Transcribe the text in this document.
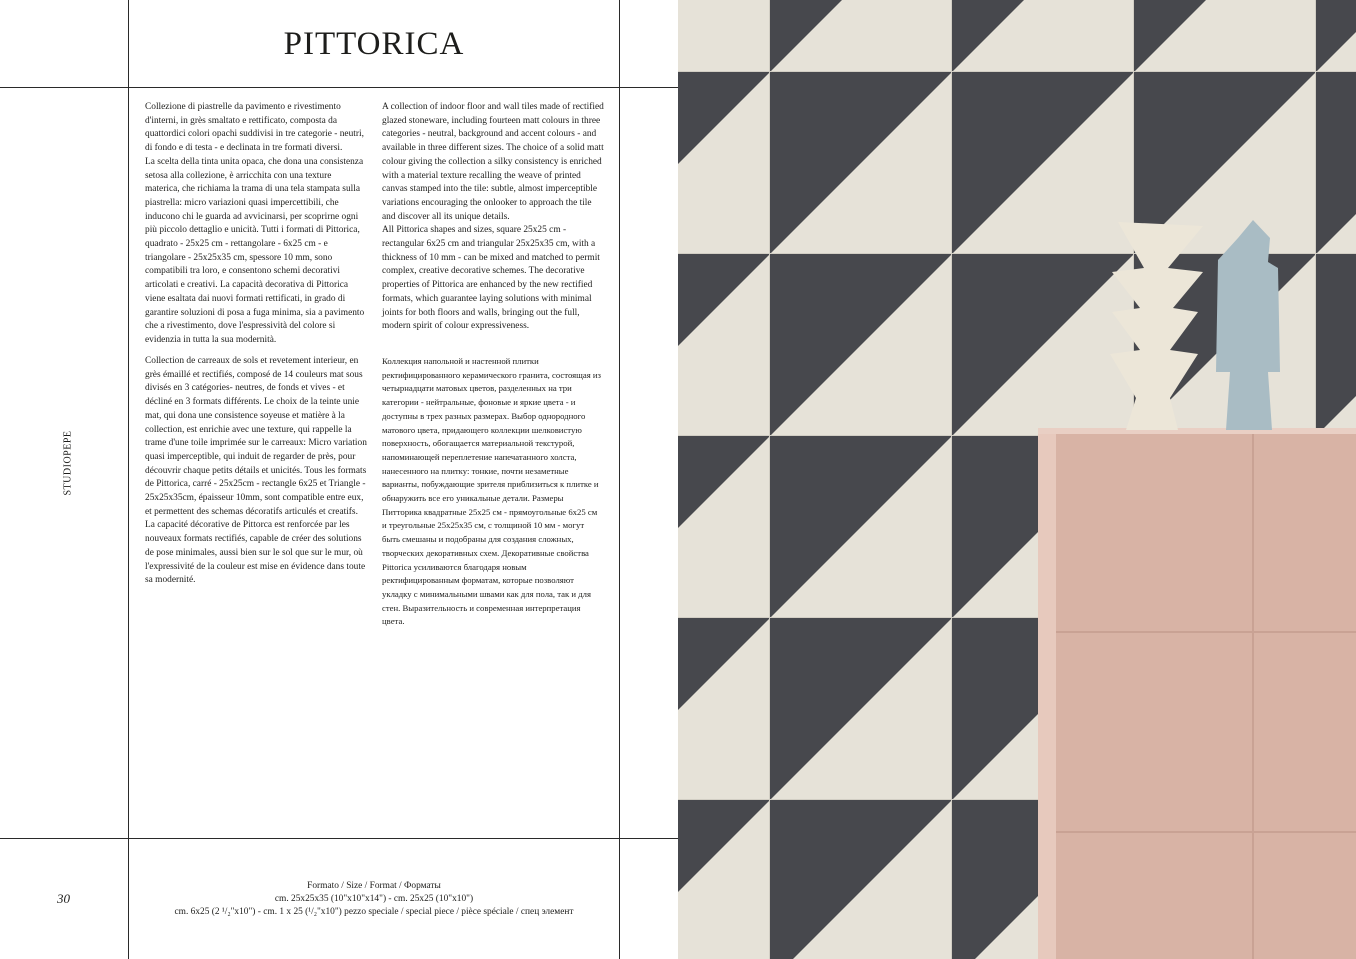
PITTORICA
STUDIOPEPE
30

Collezione di piastrelle da pavimento e rivestimento d'interni, in grès smaltato e rettificato, composta da quattordici colori opachi suddivisi in tre categorie - neutri, di fondo e di testa - e declinata in tre formati diversi.

La scelta della tinta unita opaca, che dona una consistenza setosa alla collezione, è arricchita con una texture materica, che richiama la trama di una tela stampata sulla piastrella: micro variazioni quasi impercettibili, che inducono chi le guarda ad avvicinarsi, per scoprirne ogni più piccolo dettaglio e unicità. Tutti i formati di Pittorica, quadrato - 25x25 cm - rettangolare - 6x25 cm - e triangolare - 25x25x35 cm, spessore 10 mm, sono compatibili tra loro, e consentono schemi decorativi articolati e creativi. La capacità decorativa di Pittorica viene esaltata dai nuovi formati rettificati, in grado di garantire soluzioni di posa a fuga minima, sia a pavimento che a rivestimento, dove l'espressività del colore si evidenzia in tutta la sua modernità.

A collection of indoor floor and wall tiles made of rectified glazed stoneware, including fourteen matt colours in three categories - neutral, background and accent colours - and available in three different sizes. The choice of a solid matt colour giving the collection a silky consistency is enriched with a material texture recalling the weave of printed canvas stamped into the tile: subtle, almost imperceptible variations encouraging the onlooker to approach the tile and discover all its unique details.

All Pittorica shapes and sizes, square 25x25 cm - rectangular 6x25 cm and triangular 25x25x35 cm, with a thickness of 10 mm - can be mixed and matched to permit complex, creative decorative schemes. The decorative properties of Pittorica are enhanced by the new rectified formats, which guarantee laying solutions with minimal joints for both floors and walls, bringing out the full, modern spirit of colour expressiveness.

Collection de carreaux de sols et revetement interieur, en grès émaillé et rectifiés, composé de 14 couleurs mat sous divisés en 3 catégories- neutres, de fonds et vives - et décliné en 3 formats différents. Le choix de la teinte unie mat, qui dona une consistence soyeuse et matière à la collection, est enrichie avec une texture, qui rappelle la trame d'une toile imprimée sur le carreaux: Micro variation quasi imperceptible, qui induit de regarder de près, pour découvrir chaque petits détails et unicités. Tous les formats de Pittorica, carré - 25x25cm - rectangle 6x25 et Triangle - 25x25x35cm, épaisseur 10mm, sont compatible entre eux, et permettent des schemas décoratifs articulés et creatifs.

La capacité décorative de Pittorca est renforcée par les nouveaux formats rectifiés, capable de créer des solutions de pose minimales, aussi bien sur le sol que sur le mur, où l'expressivité de la couleur est mise en évidence dans toute sa modernité.

Коллекция напольной и настенной плитки ректифицированного керамического гранита, состоящая из четырнадцати матовых цветов, разделенных на три категории - нейтральные, фоновые и яркие цвета - и доступны в трех разных размерах. Выбор однородного матового цвета, придающего коллекции шелковистую поверхность, обогащается материальной текстурой, напоминающей переплетение напечатанного холста, нанесенного на плитку: тонкие, почти незаметные варианты, побуждающие зрителя приблизиться к плитке и обнаружить все его уникальные детали. Размеры Питторика квадратные 25x25 см - прямоугольные 6x25 см и треугольные 25x25x35 см, с толщиной 10 мм - могут быть смешаны и подобраны для создания сложных, творческих декоративных схем. Декоративные свойства Pittorica усиливаются благодаря новым ректифицированным форматам, которые позволяют укладку с минимальными швами как для пола, так и для стен. Выразительность и современная интерпретация цвета.

Formato / Size / Format / Форматы
cm. 25x25x35 (10"x10"x14") - cm. 25x25 (10"x10")
cm. 6x25 (2 ¹/₂"x10") - cm. 1 x 25 (¹/₂"x10") pezzo speciale / special piece / pièce spéciale / спец элемент
